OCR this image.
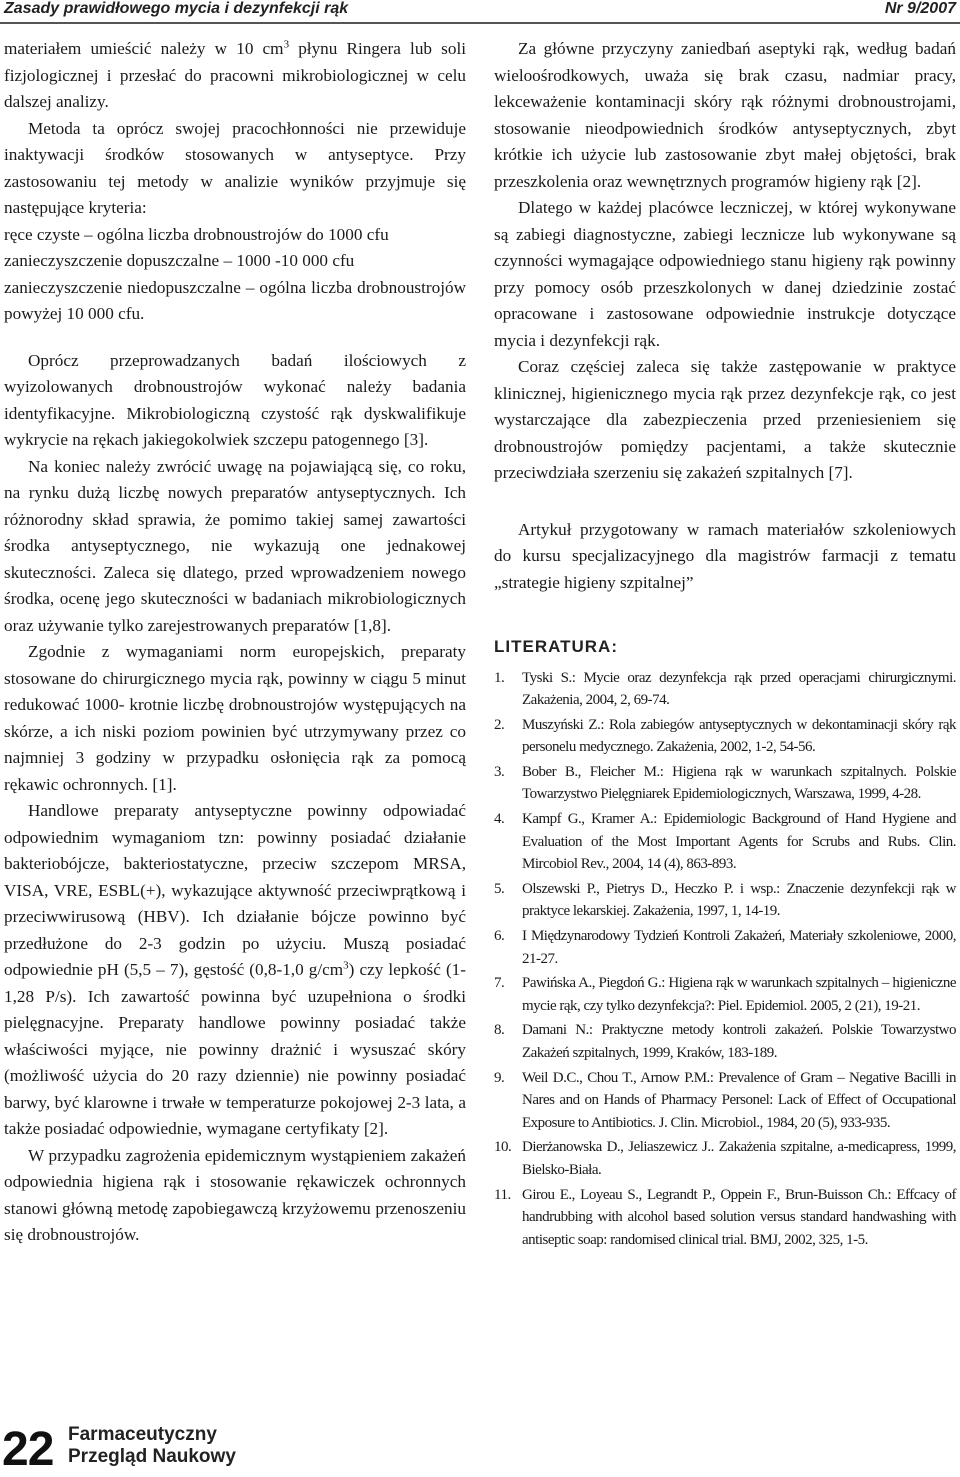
Zasady prawidłowego mycia i dezynfekcji rąk	Nr 9/2007

materiałem umieścić należy w 10 $cm^3$ płynu Ringera lub soli fizjologicznej i przesłać do pracowni mikrobiologicznej w celu dalszej analizy.

Metoda ta oprócz swojej pracochłonności nie przewiduje inaktywacji środków stosowanych w antyseptyce. Przy zastosowaniu tej metody w analizie wyników przyjmuje się następujące kryteria:

ręce czyste – ogólna liczba drobnoustrojów do 1000 cfu

zanieczyszczenie dopuszczalne – 1000 -10 000 cfu

zanieczyszczenie niedopuszczalne – ogólna liczba drobnoustrojów powyżej 10 000 cfu.

Oprócz przeprowadzanych badań ilościowych z wyizolowanych drobnoustrojów wykonać należy badania identyfikacyjne. Mikrobiologiczną czystość rąk dyskwalifikuje wykrycie na rękach jakiegokolwiek szczepu patogennego [3].

Na koniec należy zwrócić uwagę na pojawiającą się, co roku, na rynku dużą liczbę nowych preparatów antyseptycznych. Ich różnorodny skład sprawia, że pomimo takiej samej zawartości środka antyseptycznego, nie wykazują one jednakowej skuteczności. Zaleca się dlatego, przed wprowadzeniem nowego środka, ocenę jego skuteczności w badaniach mikrobiologicznych oraz używanie tylko zarejestrowanych preparatów [1,8].

Zgodnie z wymaganiami norm europejskich, preparaty stosowane do chirurgicznego mycia rąk, powinny w ciągu 5 minut redukować 1000- krotnie liczbę drobnoustrojów występujących na skórze, a ich niski poziom powinien być utrzymywany przez co najmniej 3 godziny w przypadku osłonięcia rąk za pomocą rękawic ochronnych. [1].

Handlowe preparaty antyseptyczne powinny odpowiadać odpowiednim wymaganiom tzn: powinny posiadać działanie bakteriobójcze, bakteriostatyczne, przeciw szczepom MRSA, VISA, VRE, ESBL(+), wykazujące aktywność przeciwprątkową i przeciwwirusową (HBV). Ich działanie bójcze powinno być przedłużone do 2-3 godzin po użyciu. Muszą posiadać odpowiednie pH (5,5 – 7), gęstość (0,8-1,0 $g/cm^3$) czy lepkość (1-1,28 P/s). Ich zawartość powinna być uzupełniona o środki pielęgnacyjne. Preparaty handlowe powinny posiadać także właściwości myjące, nie powinny drażnić i wysuszać skóry (możliwość użycia do 20 razy dziennie) nie powinny posiadać barwy, być klarowne i trwałe w temperaturze pokojowej 2-3 lata, a także posiadać odpowiednie, wymagane certyfikaty [2].

W przypadku zagrożenia epidemicznym wystąpieniem zakażeń odpowiednia higiena rąk i stosowanie rękawiczek ochronnych stanowi główną metodę zapobiegawczą krzyżowemu przenoszeniu się drobnoustrojów.

Za główne przyczyny zaniedbań aseptyki rąk, według badań wieloośrodkowych, uważa się brak czasu, nadmiar pracy, lekceważenie kontaminacji skóry rąk różnymi drobnoustrojami, stosowanie nieodpowiednich środków antyseptycznych, zbyt krótkie ich użycie lub zastosowanie zbyt małej objętości, brak przeszkolenia oraz wewnętrznych programów higieny rąk [2].

Dlatego w każdej placówce leczniczej, w której wykonywane są zabiegi diagnostyczne, zabiegi lecznicze lub wykonywane są czynności wymagające odpowiedniego stanu higieny rąk powinny przy pomocy osób przeszkolonych w danej dziedzinie zostać opracowane i zastosowane odpowiednie instrukcje dotyczące mycia i dezynfekcji rąk.

Coraz częściej zaleca się także zastępowanie w praktyce klinicznej, higienicznego mycia rąk przez dezynfekcje rąk, co jest wystarczające dla zabezpieczenia przed przeniesieniem się drobnoustrojów pomiędzy pacjentami, a także skutecznie przeciwdziała szerzeniu się zakażeń szpitalnych [7].

Artykuł przygotowany w ramach materiałów szkoleniowych do kursu specjalizacyjnego dla magistrów farmacji z tematu „strategie higieny szpitalnej”

LITERATURA:
1. Tyski S.: Mycie oraz dezynfekcja rąk przed operacjami chirurgicznymi. Zakażenia, 2004, 2, 69-74.
2. Muszyński Z.: Rola zabiegów antyseptycznych w dekontaminacji skóry rąk personelu medycznego. Zakażenia, 2002, 1-2, 54-56.
3. Bober B., Fleicher M.: Higiena rąk w warunkach szpitalnych. Polskie Towarzystwo Pielęgniarek Epidemiologicznych, Warszawa, 1999, 4-28.
4. Kampf G., Kramer A.: Epidemiologic Background of Hand Hygiene and Evaluation of the Most Important Agents for Scrubs and Rubs. Clin. Mircobiol Rev., 2004, 14 (4), 863-893.
5. Olszewski P., Pietrys D., Heczko P. i wsp.: Znaczenie dezynfekcji rąk w praktyce lekarskiej. Zakażenia, 1997, 1, 14-19.
6. I Międzynarodowy Tydzień Kontroli Zakażeń, Materiały szkoleniowe, 2000, 21-27.
7. Pawińska A., Piegdoń G.: Higiena rąk w warunkach szpitalnych – higieniczne mycie rąk, czy tylko dezynfekcja?: Piel. Epidemiol. 2005, 2 (21), 19-21.
8. Damani N.: Praktyczne metody kontroli zakażeń. Polskie Towarzystwo Zakażeń szpitalnych, 1999, Kraków, 183-189.
9. Weil D.C., Chou T., Arnow P.M.: Prevalence of Gram – Negative Bacilli in Nares and on Hands of Pharmacy Personel: Lack of Effect of Occupational Exposure to Antibiotics. J. Clin. Microbiol., 1984, 20 (5), 933-935.
10. Dierżanowska D., Jeliaszewicz J.. Zakażenia szpitalne, a-medicapress, 1999, Bielsko-Biała.
11. Girou E., Loyeau S., Legrandt P., Oppein F., Brun-Buisson Ch.: Effcacy of handrubbing with alcohol based solution versus standard handwashing with antiseptic soap: randomised clinical trial. BMJ, 2002, 325, 1-5.
22 Farmaceutyczny
Przegląd Naukowy
